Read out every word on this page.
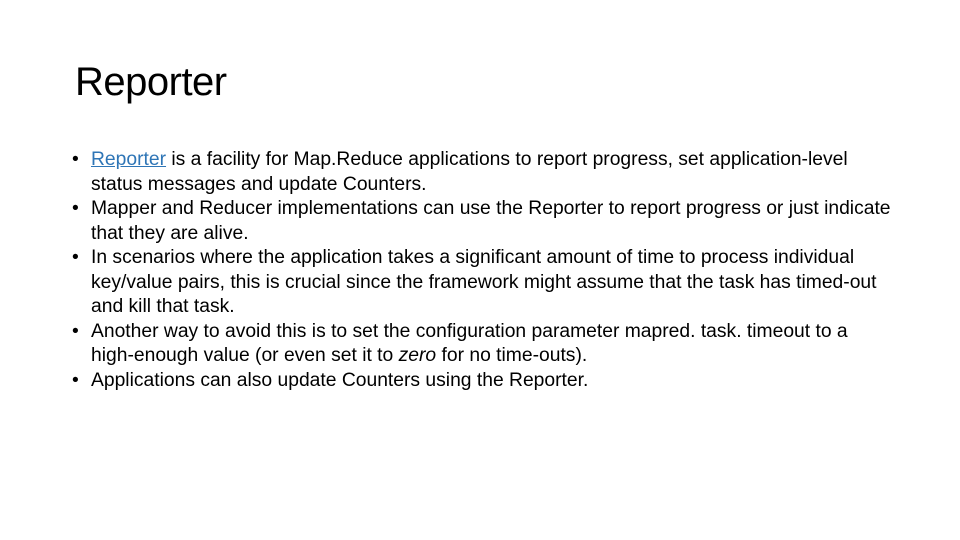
Reporter
• Reporter is a facility for Map.Reduce applications to report progress, set application-level status messages and update Counters.
• Mapper and Reducer implementations can use the Reporter to report progress or just indicate that they are alive.
• In scenarios where the application takes a significant amount of time to process individual key/value pairs, this is crucial since the framework might assume that the task has timed-out and kill that task.
• Another way to avoid this is to set the configuration parameter mapred. task. timeout to a high-enough value (or even set it to zero for no time-outs).
• Applications can also update Counters using the Reporter.
